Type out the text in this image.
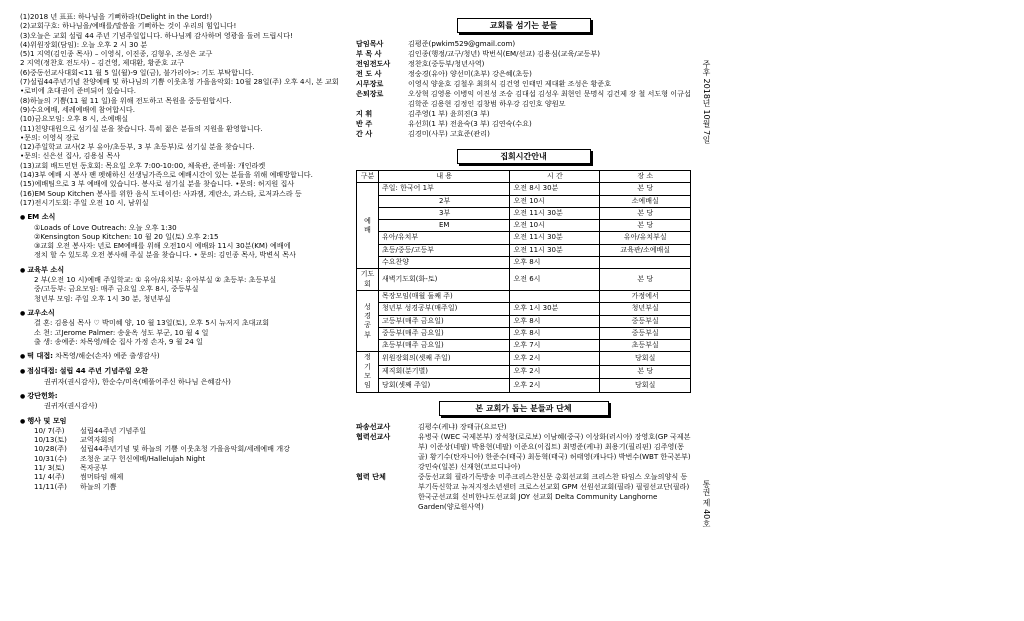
(1)2018 년 표표: 하나님을 기뻐하라!(Delight in the Lord!)
(2)교회구호: 하나님을/예배를/말씀을 기뻐하는 것이 우리의 힘입니다!
(3)오늘은 교회 설립 44 주년 기념주일입니다. 하나님께 감사하며 영광을 돌려 드립시다!
(4)위원장회(담임): 오늘 오후 2 시 30 분
(5)1 지역(김인종 목사) – 이영식, 이진종, 김형우, 조성은 교구
2 지역(정찬호 전도사) – 김건영, 제대환, 황준호 교구
(6)중동선교사대회<11 월 5 일(월)-9 일(금), 불가리아>: 기도 부탁합니다.
(7)설립44주년기념 찬양예배 및 하나님의 기쁨 이웃초청 가을음악회: 10월 28일(주) 오후 4시, 본 교회
•로비에 초대권이 준비되어 있습니다.
(8)하늘의 기쁨(11 월 11 일)을 위해 전도하고 목원을 중등원합시다.
(9)수요예배, 세례예배에 참여합시다.
(10)금요모임: 오후 8 시, 소예배실
(11)친양대원으로 섬기실 분을 찾습니다. 특히 젊은 분들의 지원을 환영합니다.
•문의: 이영식 장로
(12)주일학교 교사(2 부 유아/초등부, 3 부 초등부)로 섬기실 분을 찾습니다.
•문의: 신은선 집사, 김용심 목사
(13)교회 배드민턴 동호회: 목요일 오후 7:00-10:00, 체육관, 준비물: 개인라켓
(14)3부 예배 시 봉사 팬 펫해하신 선생님가족으로 예배시간이 있는 분들을 위해 예배방합니다.
(15)예배팀으로 3 부 예배에 있습니다. 봉사로 섬기실 분을 찾습니다. •문의: 허지원 집사
(16)EM Soup Kitchen 봉사를 위한 음식 도네이션: 사과잼, 계란소, 과스타, 로저과스라 등
(17)전시기도회: 주일 오전 10 시, 남위실
● EM 소식
①Loads of Love Outreach: 오늘 오후 1:30
②Kensington Soup Kitchen: 10 월 20 일(토) 오후 2:15
③교회 오전 봉사자: 년로 EM예배를 위해 오전10시 예배와 11시 30분(KM) 예배에
정치 할 수 있도록 오전 봉사해 주실 분을 찾습니다. • 문의: 김인종 목사, 박변식 목사
● 교육부 소식
2 부(오전 10 시)예배 주일학교: ① 유아/유치부: 유아부실 ② 초등부: 초등부실
중/고등부: 금요모임: 매주 금요일 오후 8시, 중등부실
청년부 모임: 주일 오후 1시 30 분, 청년부실
● 교우소식
결 혼: 김용심 목사 ♡ 박미혜 양, 10 월 13일(토), 오후 5시 뉴저지 초대교회
소 천: 고Jerome Palmer: 송윤옥 성도 부군, 10 월 4 일
출 생: 송예준: 차목영/해순 집사 가정 손자, 9 월 24 일
● 떡 대접: 차목영/해순(손자) 예준 출생감사)
● 점심대접: 설립 44 주년 기념주일 오찬
권귀자(권시감사), 한순수/미옥(베풀어주신 하나님 은혜감사)
● 강단헌화:
권귀자(권시감사)
● 행사 및 모임
10/ 7(주)	설립44주년 기념주일
10/13(토)	교역자회의
10/28(주)	설립44주년기념 및 하늘의 기쁨 이웃초청 가을음악회/세례예배 개강
10/31(수)	조청운 교구 헌신예배/Hallelujah Night
11/ 3(토)	목자공부
11/ 4(주)	썸머타임 해제
11/11(주)	하늘의 기쁨
교회를 섬기는 분들
담임목사	김평준(pwkim529@gmail.com)
부 목 사	김인종(행정/교구/청년) 박번식(EM/선교) 김용심(교육/교등부)
전임전도사	정찬호(중등부/청년사역)
전 도 사	정숭경(유아) 양선미(초부) 강은혜(초등)
시무장로	이영식 양윤호 김철우 최희식 김건영 인태민 제대환 조성은 황준호
은퇴장로	오상혁 김영용 이병익 이진성 조승 김대섭 김성우 최현인 문명식 김건제 장 철 서도형 이규섭 김학준 김용현 김정인 김창범 하우강 김인호 양원모
지 휘	김주영(1 부) 윤희진(3 부)
반 주	유선희(1 부) 전윤숙(3 부) 김연숙(수요)
간 사	김경미(사무) 고효준(관리)
집회시간안내
구분	내 용	시 간	장 소
예 배	주일: 한국어 1부	오전 8시 30분	본 당
	2부	오전 10시	소예배실
	3부	오전 11시 30분	본 당
	EM	오전 10시	본 당
	유아/유치부	오전 11시 30분	유아/유치부실
	초등/중등/고등부	오전 11시 30분	교육관/소예배실
	수요찬양	오후 8시	
기도회	새벽기도회(화-토)	오전 6시	본 당
성 경 공 부	목장모임(매월 둘째 주)		가정에서
	청년부 성경공부(매주일)	오후 1시 30분	청년부실
	고등부(매주 금요일)	오후 8시	중등부실
	중등부(매주 금요일)	오후 8시	중등부실
	초등부(매주 금요일)	오후 7시	초등부실
정 기 모 임	위원장회의(셋째 주일)	오후 2시	당회실
	제직회(분기별)	오후 2시	본 당
	당회(셋째 주일)	오후 2시	당회실
본 교회가 돕는 분들과 단체
파송선교사	김평수(케냐) 장태규(요르단)
협력선교사	유병국 (WEC 국제본부) 장석창(로로보) 이남혜(중국) 이상화(러시아) 장영호(GP 국제본부) 이준상(네팔) 박용현(네팔) 이준요(이집트) 최명준(케냐) 최용기(필리핀) 김주영(몽골) 황기수(탄자니아) 한준수(태국) 최동혁(태국) 허태영(캐나다) 박번수(WBT 한국본부) 강민숙(일본) 신재현(코르디나아)
협력 단체	중동선교회 필라기독방송 미주크리스찬신문 총회선교회 크리스찬 타임스 오늘의양식 동부기독신학교 뉴저지정소년센터 크로스선교회 GPM 선원선교회(필라) 필림선교단(필라) 한국군선교회 신비한나도선교회 JOY 선교회 Delta Community Langhorne Garden(양로원사역)
주후 2018년 10월 7일
통권 제 40호
